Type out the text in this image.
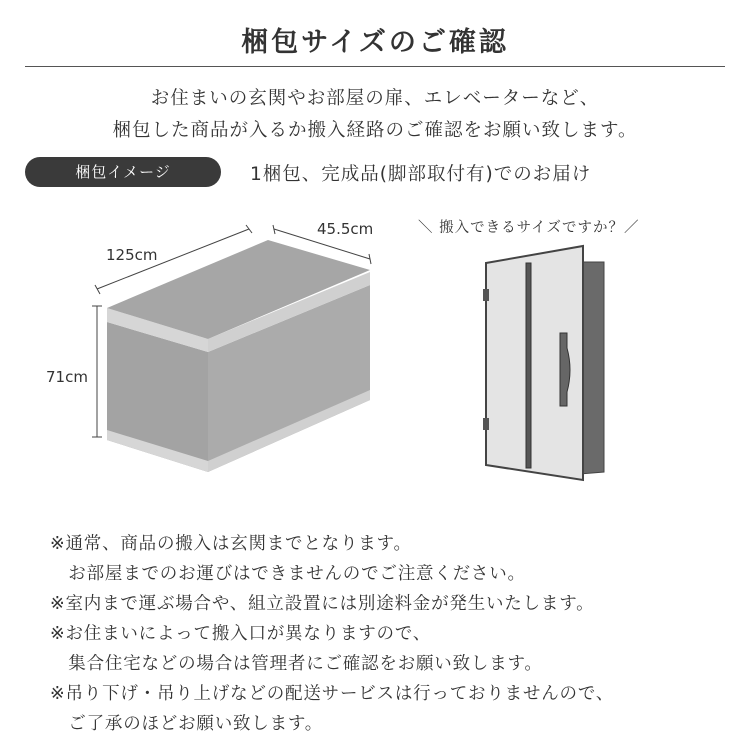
梱包サイズのご確認
お住まいの玄関やお部屋の扉、エレベーターなど、
梱包した商品が入るか搬入経路のご確認をお願い致します。
梱包イメージ	1梱包、完成品(脚部取付有)でのお届け
125cm
45.5cm
71cm
＼ 搬入できるサイズですか？／
※通常、商品の搬入は玄関までとなります。
　お部屋までのお運びはできませんのでご注意ください。
※室内まで運ぶ場合や、組立設置には別途料金が発生いたします。
※お住まいによって搬入口が異なりますので、
　集合住宅などの場合は管理者にご確認をお願い致します。
※吊り下げ・吊り上げなどの配送サービスは行っておりませんので、
　ご了承のほどお願い致します。
